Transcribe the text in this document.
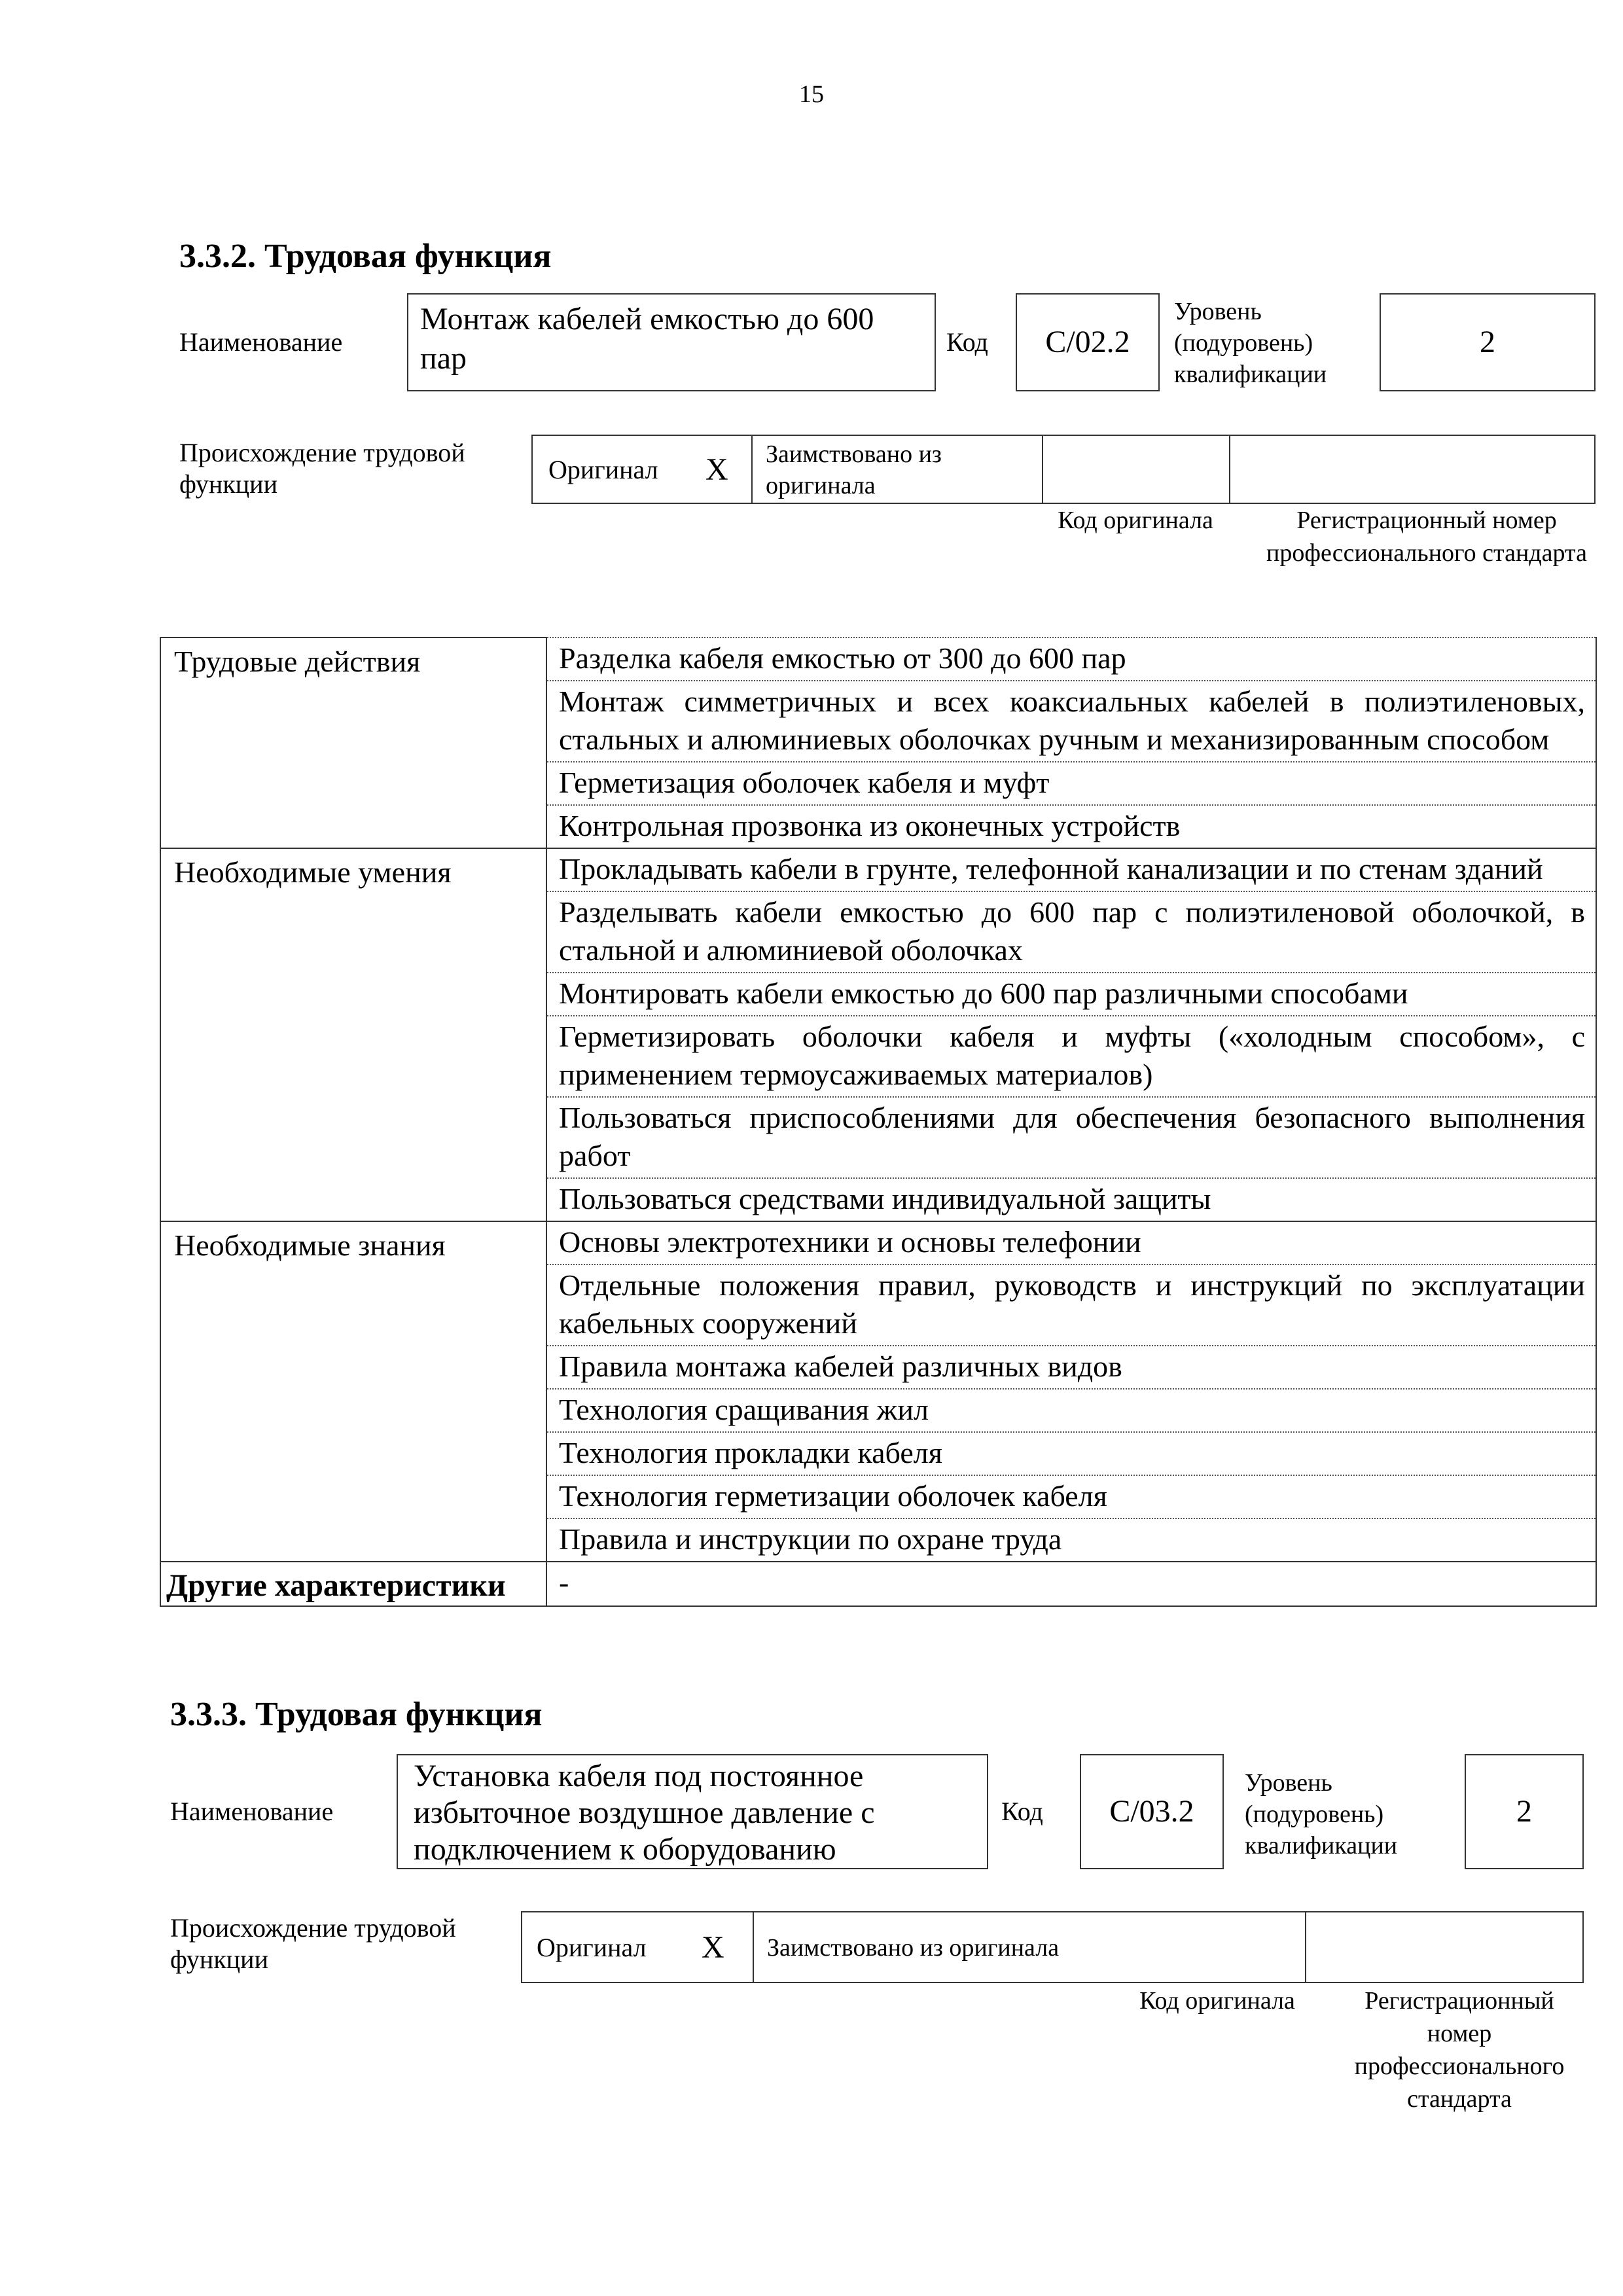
15
3.3.2. Трудовая функция
Наименование
Монтаж кабелей емкостью до 600 пар	Код	C/02.2
Уровень (подуровень) квалификации
2
Происхождение трудовой функции	Оригинал X Заимствовано из оригинала
Код оригинала	Регистрационный номер профессионального стандарта
Трудовые действия	Разделка кабеля емкостью от 300 до 600 пар
	Монтаж симметричных и всех коаксиальных кабелей в полиэтиленовых, стальных и алюминиевых оболочках ручным и механизированным способом
	Герметизация оболочек кабеля и муфт
	Контрольная прозвонка из оконечных устройств
Необходимые умения	Прокладывать кабели в грунте, телефонной канализации и по стенам зданий
	Разделывать кабели емкостью до 600 пар с полиэтиленовой оболочкой, в стальной и алюминиевой оболочках
	Монтировать кабели емкостью до 600 пар различными способами
	Герметизировать оболочки кабеля и муфты («холодным способом», с применением термоусаживаемых материалов)
	Пользоваться приспособлениями для обеспечения безопасного выполнения работ
	Пользоваться средствами индивидуальной защиты
Необходимые знания	Основы электротехники и основы телефонии
	Отдельные положения правил, руководств и инструкций по эксплуатации кабельных сооружений
	Правила монтажа кабелей различных видов
	Технология сращивания жил
	Технология прокладки кабеля
	Технология герметизации оболочек кабеля
	Правила и инструкции по охране труда
Другие характеристики	-
3.3.3. Трудовая функция
Наименование
Установка кабеля под постоянное избыточное воздушное давление с подключением к оборудованию
Код	C/03.2
Уровень (подуровень) квалификации
2
Происхождение трудовой функции	Оригинал X Заимствовано из оригинала
Код оригинала	Регистрационный номер профессионального стандарта
